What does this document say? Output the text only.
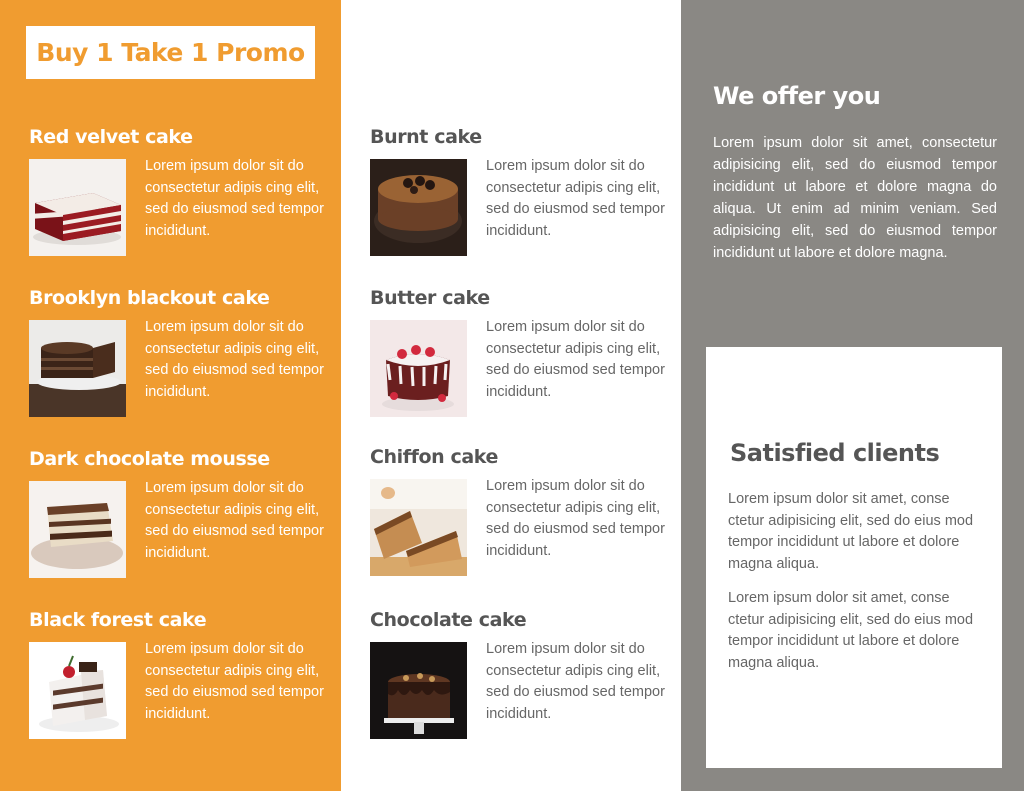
Buy 1 Take 1 Promo
Red velvet cake

Lorem ipsum dolor sit do consectetur adipis cing elit, sed do eiusmod sed tempor incididunt.

Brooklyn blackout cake

Lorem ipsum dolor sit do consectetur adipis cing elit, sed do eiusmod sed tempor incididunt.

Dark chocolate mousse

Lorem ipsum dolor sit do consectetur adipis cing elit, sed do eiusmod sed tempor incididunt.

Black forest cake

Lorem ipsum dolor sit do consectetur adipis cing elit, sed do eiusmod sed tempor incididunt.

Burnt cake

Lorem ipsum dolor sit do consectetur adipis cing elit, sed do eiusmod sed tempor incididunt.

Butter cake

Lorem ipsum dolor sit do consectetur adipis cing elit, sed do eiusmod sed tempor incididunt.

Chiffon cake

Lorem ipsum dolor sit do consectetur adipis cing elit, sed do eiusmod sed tempor incididunt.

Chocolate cake

Lorem ipsum dolor sit do consectetur adipis cing elit, sed do eiusmod sed tempor incididunt.

We offer you

Lorem ipsum dolor sit amet, consectetur adipisicing elit, sed do eiusmod tempor incididunt ut labore et dolore magna do aliqua. Ut enim ad minim veniam. Sed adipisicing elit, sed do eiusmod tempor incididunt ut labore et dolore magna.

Satisfied clients

Lorem ipsum dolor sit amet, conse ctetur adipisicing elit, sed do eius mod tempor incididunt ut labore et dolore magna aliqua.

Lorem ipsum dolor sit amet, conse ctetur adipisicing elit, sed do eius mod tempor incididunt ut labore et dolore magna aliqua.
